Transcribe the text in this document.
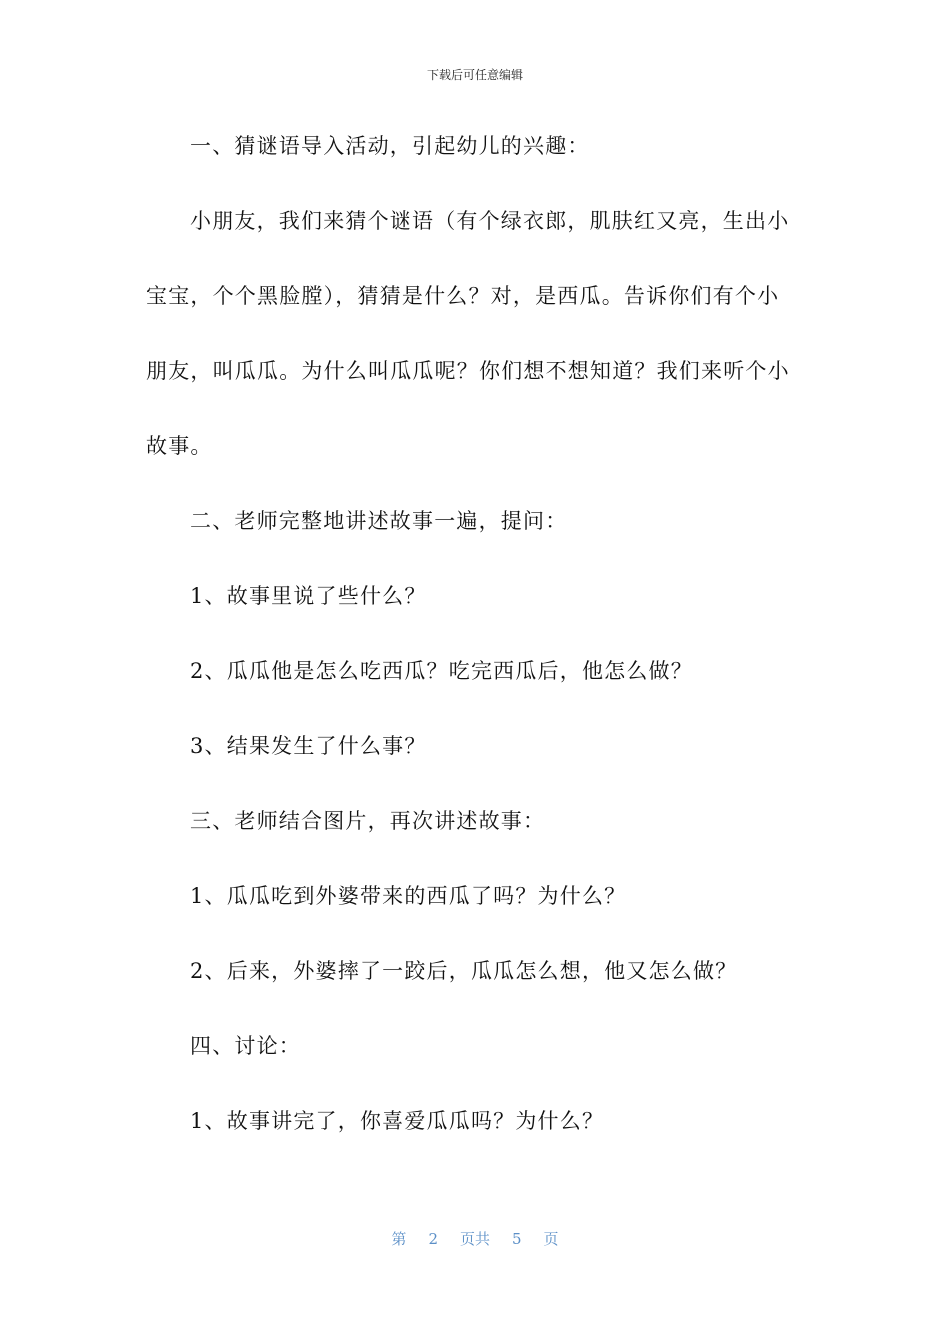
下载后可任意编辑
一、猜谜语导入活动，引起幼儿的兴趣：
小朋友，我们来猜个谜语（有个绿衣郎，肌肤红又亮，生出小
宝宝，个个黑脸膛），猜猜是什么？对，是西瓜。告诉你们有个小
朋友，叫瓜瓜。为什么叫瓜瓜呢？你们想不想知道？我们来听个小
故事。
二、老师完整地讲述故事一遍，提问：
1、故事里说了些什么？
2、瓜瓜他是怎么吃西瓜？吃完西瓜后，他怎么做？
3、结果发生了什么事？
三、老师结合图片，再次讲述故事：
1、瓜瓜吃到外婆带来的西瓜了吗？为什么？
2、后来，外婆摔了一跤后，瓜瓜怎么想，他又怎么做？
四、讨论：
1、故事讲完了，你喜爱瓜瓜吗？为什么？
第 2 页共 5 页
